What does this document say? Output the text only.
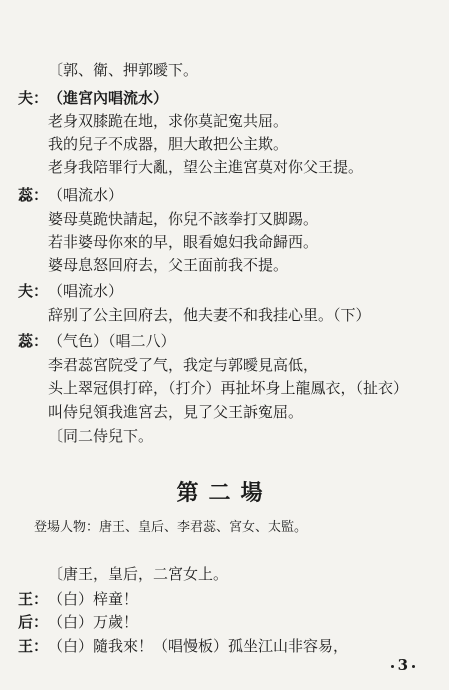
〔郭、衛、押郭曖下。
夫： （進宮內唱流水）
老身双膝跪在地，求你莫記寃共屈。
我的兒子不成器，胆大敢把公主欺。
老身我陪罪行大亂，望公主進宮莫对你父王提。
蕊： （唱流水）
婆母莫跪快請起，你兒不該拳打又脚踢。
若非婆母你來的早，眼看媳妇我命歸西。
婆母息怒回府去，父王面前我不提。
夫： （唱流水）
辞别了公主回府去，他夫妻不和我挂心里。（下）
蕊： （气色）（唱二八）
李君蕊宮院受了气，我定与郭曖見高低，
头上翠冠俱打碎，（打介）再扯坏身上龍鳳衣，（扯衣）
叫侍兒領我進宮去，見了父王訴寃屈。
〔同二侍兒下。
第二場
登場人物：唐王、皇后、李君蕊、宮女、太監。
〔唐王，皇后，二宮女上。
王： （白）梓童！
后： （白）万歲！
王： （白）隨我來！（唱慢板）孤坐江山非容易，
3
